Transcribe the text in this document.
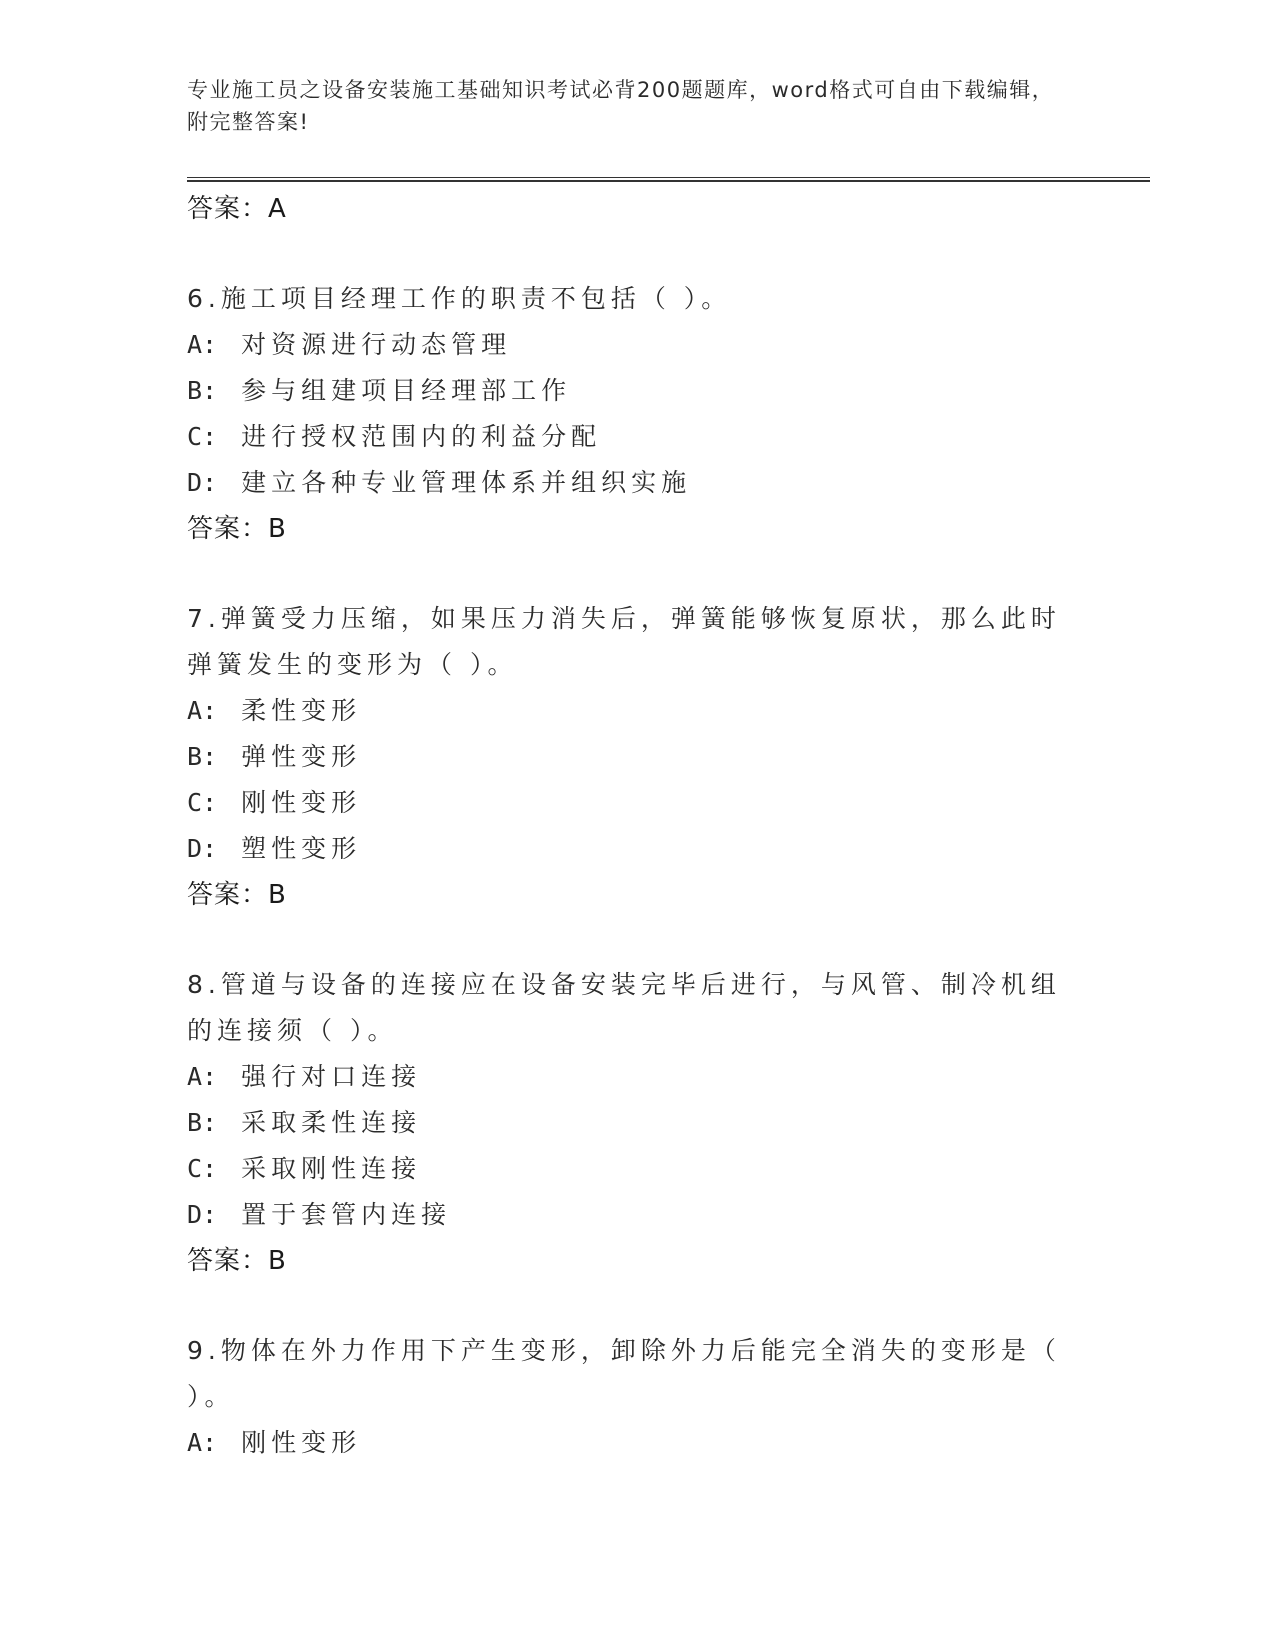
专业施工员之设备安装施工基础知识考试必背200题题库，word格式可自由下载编辑，附完整答案!
答案：A
6.施工项目经理工作的职责不包括（ ）。
A: 对资源进行动态管理
B: 参与组建项目经理部工作
C: 进行授权范围内的利益分配
D: 建立各种专业管理体系并组织实施
答案：B
7.弹簧受力压缩，如果压力消失后，弹簧能够恢复原状，那么此时弹簧发生的变形为（ ）。
A: 柔性变形
B: 弹性变形
C: 刚性变形
D: 塑性变形
答案：B
8.管道与设备的连接应在设备安装完毕后进行，与风管、制冷机组的连接须（ ）。
A: 强行对口连接
B: 采取柔性连接
C: 采取刚性连接
D: 置于套管内连接
答案：B
9.物体在外力作用下产生变形，卸除外力后能完全消失的变形是（ ）。
A: 刚性变形
